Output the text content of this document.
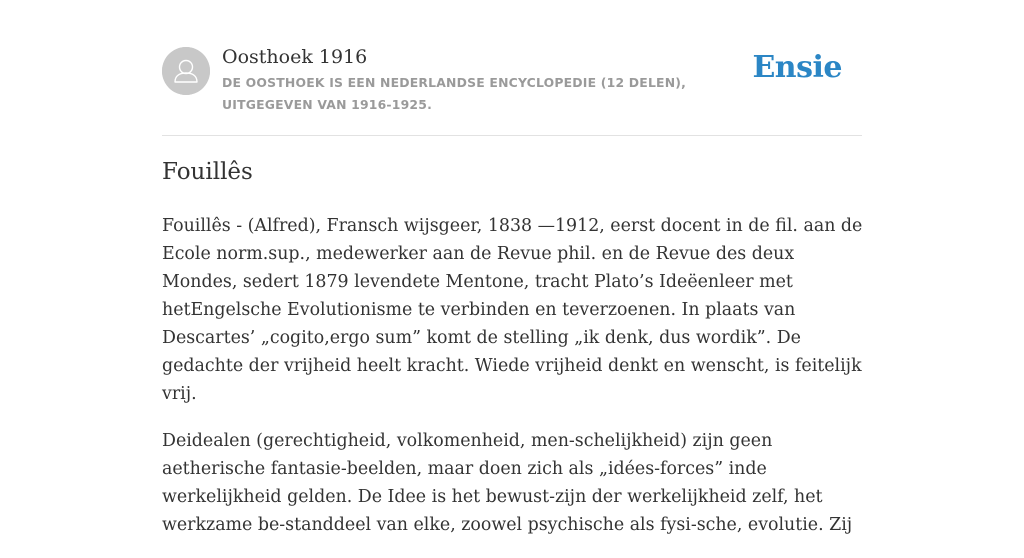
Oosthoek 1916
DE OOSTHOEK IS EEN NEDERLANDSE ENCYCLOPEDIE (12 DELEN), UITGEGEVEN VAN 1916-1925.
Ensie
Fouillês

Fouillês - (Alfred), Fransch wijsgeer, 1838 —1912, eerst docent in de fil. aan de Ecole norm.sup., medewerker aan de Revue phil. en de Revue des deux Mondes, sedert 1879 levendete Mentone, tracht Plato’s Ideëenleer met hetEngelsche Evolutionisme te verbinden en teverzoenen. In plaats van Descartes’ „cogito,ergo sum” komt de stelling „ik denk, dus wordik”. De gedachte der vrijheid heelt kracht. Wiede vrijheid denkt en wenscht, is feitelijk vrij.

Deidealen (gerechtigheid, volkomenheid, men-schelijkheid) zijn geen aetherische fantasie-beelden, maar doen zich als „idées-forces” inde werkelijkheid gelden. De Idee is het bewust-zijn der werkelijkheid zelf, het werkzame be-standdeel van elke, zoowel psychische als fysi-sche, evolutie. Zij
